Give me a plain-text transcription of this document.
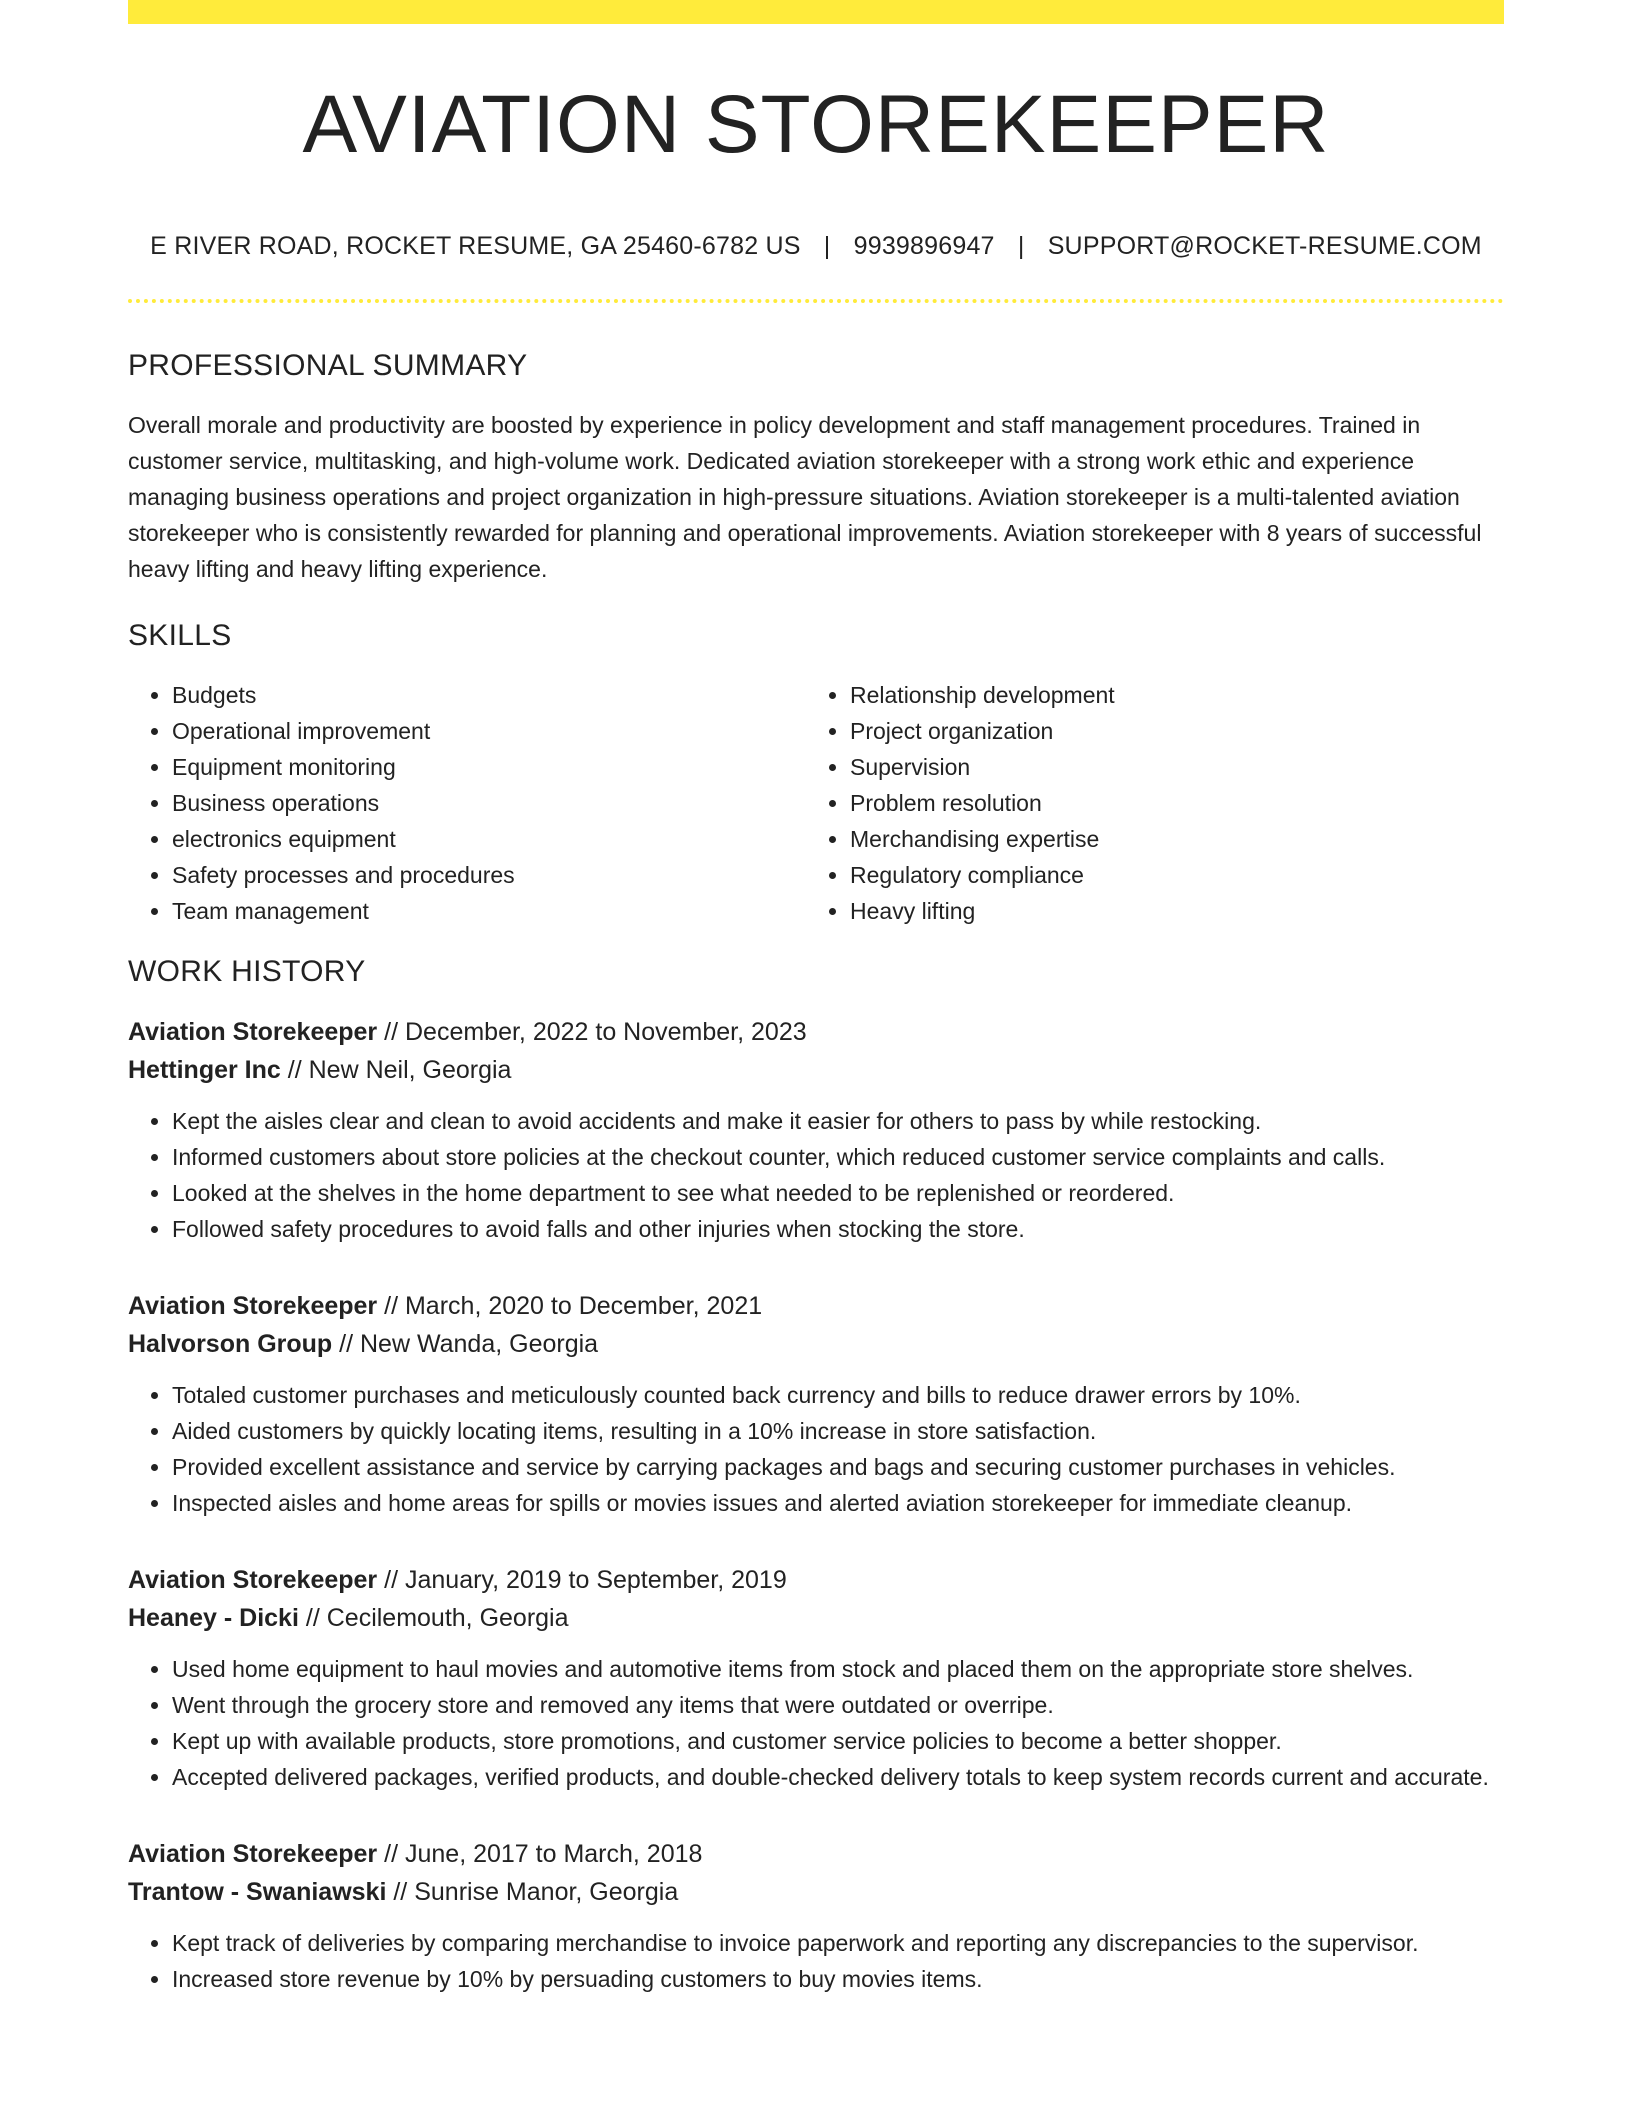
AVIATION STOREKEEPER
E RIVER ROAD, ROCKET RESUME, GA 25460-6782 US | 9939896947 | SUPPORT@ROCKET-RESUME.COM
PROFESSIONAL SUMMARY

Overall morale and productivity are boosted by experience in policy development and staff management procedures. Trained in customer service, multitasking, and high-volume work. Dedicated aviation storekeeper with a strong work ethic and experience managing business operations and project organization in high-pressure situations. Aviation storekeeper is a multi-talented aviation storekeeper who is consistently rewarded for planning and operational improvements. Aviation storekeeper with 8 years of successful heavy lifting and heavy lifting experience.

SKILLS
• Budgets
• Operational improvement
• Equipment monitoring
• Business operations
• electronics equipment
• Safety processes and procedures
• Team management
• Relationship development
• Project organization
• Supervision
• Problem resolution
• Merchandising expertise
• Regulatory compliance
• Heavy lifting
WORK HISTORY
Aviation Storekeeper // December, 2022 to November, 2023
Hettinger Inc // New Neil, Georgia
• Kept the aisles clear and clean to avoid accidents and make it easier for others to pass by while restocking.
• Informed customers about store policies at the checkout counter, which reduced customer service complaints and calls.
• Looked at the shelves in the home department to see what needed to be replenished or reordered.
• Followed safety procedures to avoid falls and other injuries when stocking the store.
Aviation Storekeeper // March, 2020 to December, 2021
Halvorson Group // New Wanda, Georgia
• Totaled customer purchases and meticulously counted back currency and bills to reduce drawer errors by 10%.
• Aided customers by quickly locating items, resulting in a 10% increase in store satisfaction.
• Provided excellent assistance and service by carrying packages and bags and securing customer purchases in vehicles.
• Inspected aisles and home areas for spills or movies issues and alerted aviation storekeeper for immediate cleanup.
Aviation Storekeeper // January, 2019 to September, 2019
Heaney - Dicki // Cecilemouth, Georgia
• Used home equipment to haul movies and automotive items from stock and placed them on the appropriate store shelves.
• Went through the grocery store and removed any items that were outdated or overripe.
• Kept up with available products, store promotions, and customer service policies to become a better shopper.
• Accepted delivered packages, verified products, and double-checked delivery totals to keep system records current and accurate.
Aviation Storekeeper // June, 2017 to March, 2018
Trantow - Swaniawski // Sunrise Manor, Georgia
• Kept track of deliveries by comparing merchandise to invoice paperwork and reporting any discrepancies to the supervisor.
• Increased store revenue by 10% by persuading customers to buy movies items.
